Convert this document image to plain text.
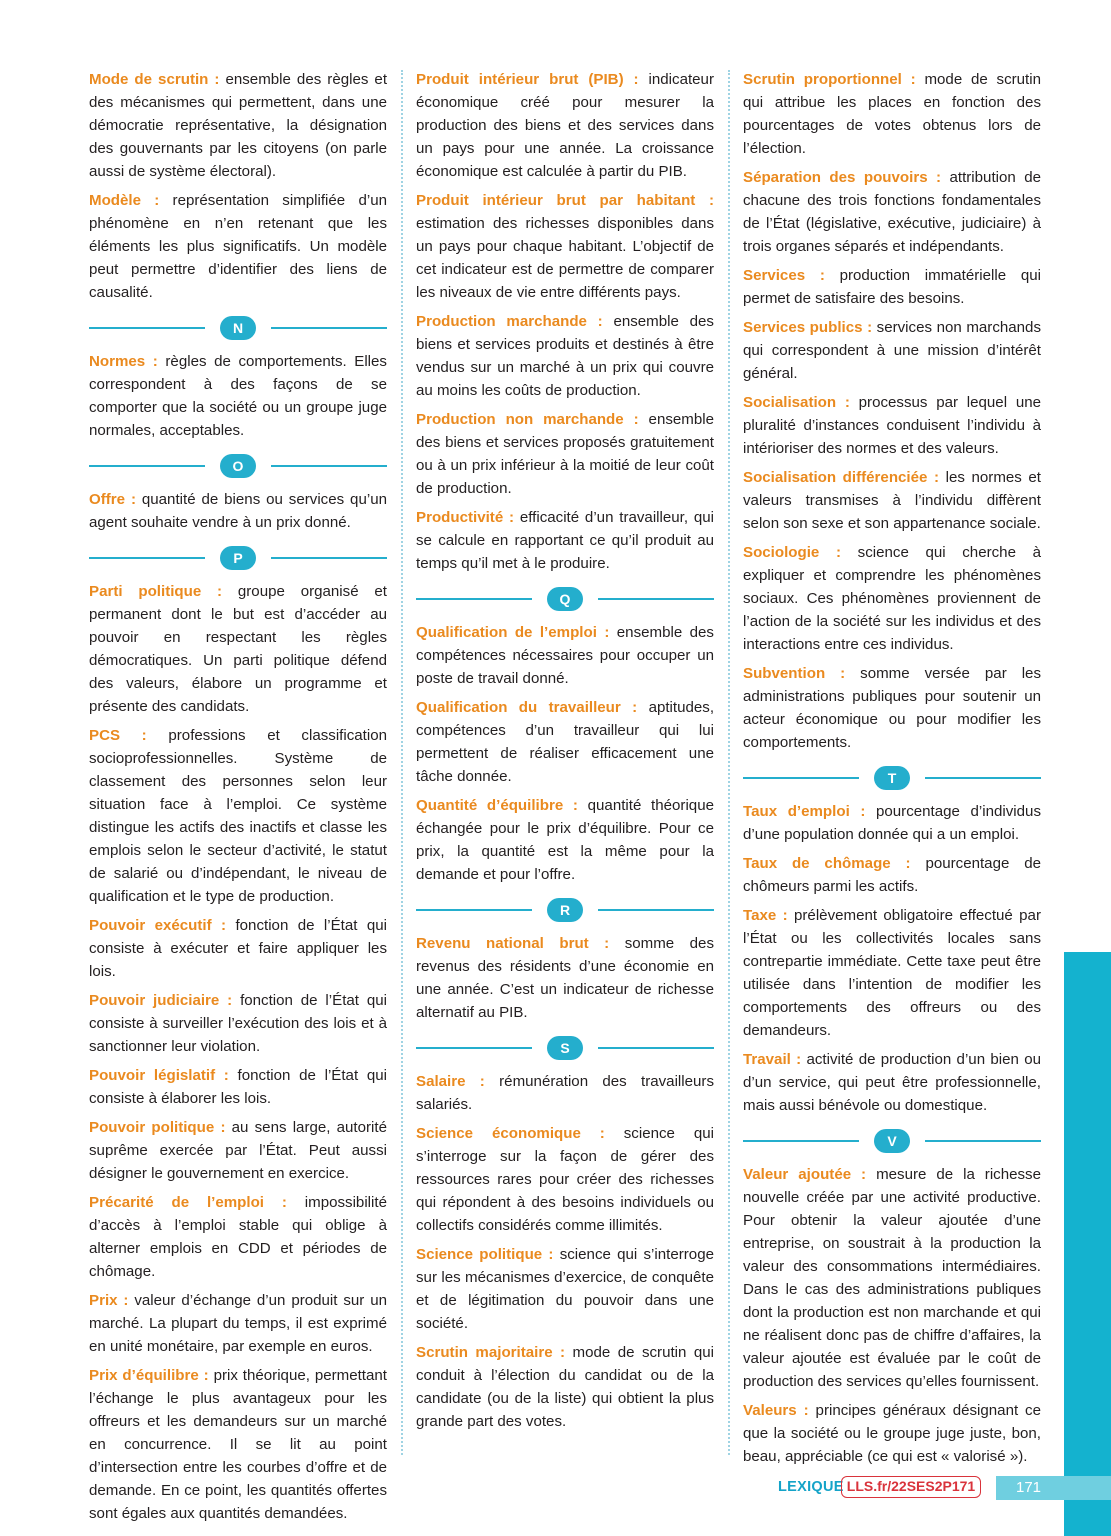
Mode de scrutin : ensemble des règles et des mécanismes qui permettent, dans une démocratie représentative, la désignation des gouvernants par les citoyens (on parle aussi de système électoral).

Modèle : représentation simplifiée d’un phénomène en n’en retenant que les éléments les plus significatifs. Un modèle peut permettre d’identifier des liens de causalité.

N

Normes : règles de comportements. Elles correspondent à des façons de se comporter que la société ou un groupe juge normales, acceptables.

O

Offre : quantité de biens ou services qu’un agent souhaite vendre à un prix donné.

P

Parti politique : groupe organisé et permanent dont le but est d’accéder au pouvoir en respectant les règles démocratiques. Un parti politique défend des valeurs, élabore un programme et présente des candidats.

PCS : professions et classification socioprofessionnelles. Système de classement des personnes selon leur situation face à l’emploi. Ce système distingue les actifs des inactifs et classe les emplois selon le secteur d’activité, le statut de salarié ou d’indépendant, le niveau de qualification et le type de production.

Pouvoir exécutif : fonction de l’État qui consiste à exécuter et faire appliquer les lois.

Pouvoir judiciaire : fonction de l’État qui consiste à surveiller l’exécution des lois et à sanctionner leur violation.

Pouvoir législatif : fonction de l’État qui consiste à élaborer les lois.

Pouvoir politique : au sens large, autorité suprême exercée par l’État. Peut aussi désigner le gouvernement en exercice.

Précarité de l’emploi : impossibilité d’accès à l’emploi stable qui oblige à alterner emplois en CDD et périodes de chômage.

Prix : valeur d’échange d’un produit sur un marché. La plupart du temps, il est exprimé en unité monétaire, par exemple en euros.

Prix d’équilibre : prix théorique, permettant l’échange le plus avantageux pour les offreurs et les demandeurs sur un marché en concurrence. Il se lit au point d’intersection entre les courbes d’offre et de demande. En ce point, les quantités offertes sont égales aux quantités demandées.

Produit intérieur brut (PIB) : indicateur économique créé pour mesurer la production des biens et des services dans un pays pour une année. La croissance économique est calculée à partir du PIB.

Produit intérieur brut par habitant : estimation des richesses disponibles dans un pays pour chaque habitant. L’objectif de cet indicateur est de permettre de comparer les niveaux de vie entre différents pays.

Production marchande : ensemble des biens et services produits et destinés à être vendus sur un marché à un prix qui couvre au moins les coûts de production.

Production non marchande : ensemble des biens et services proposés gratuitement ou à un prix inférieur à la moitié de leur coût de production.

Productivité : efficacité d’un travailleur, qui se calcule en rapportant ce qu’il produit au temps qu’il met à le produire.

Q

Qualification de l’emploi : ensemble des compétences nécessaires pour occuper un poste de travail donné.

Qualification du travailleur : aptitudes, compétences d’un travailleur qui lui permettent de réaliser efficacement une tâche donnée.

Quantité d’équilibre : quantité théorique échangée pour le prix d’équilibre. Pour ce prix, la quantité est la même pour la demande et pour l’offre.

R

Revenu national brut : somme des revenus des résidents d’une économie en une année. C’est un indicateur de richesse alternatif au PIB.

S

Salaire : rémunération des travailleurs salariés.

Science économique : science qui s’interroge sur la façon de gérer des ressources rares pour créer des richesses qui répondent à des besoins individuels ou collectifs considérés comme illimités.

Science politique : science qui s’interroge sur les mécanismes d’exercice, de conquête et de légitimation du pouvoir dans une société.

Scrutin majoritaire : mode de scrutin qui conduit à l’élection du candidat ou de la candidate (ou de la liste) qui obtient la plus grande part des votes.

Scrutin proportionnel : mode de scrutin qui attribue les places en fonction des pourcentages de votes obtenus lors de l’élection.

Séparation des pouvoirs : attribution de chacune des trois fonctions fondamentales de l’État (législative, exécutive, judiciaire) à trois organes séparés et indépendants.

Services : production immatérielle qui permet de satisfaire des besoins.

Services publics : services non marchands qui correspondent à une mission d’intérêt général.

Socialisation : processus par lequel une pluralité d’instances conduisent l’individu à intérioriser des normes et des valeurs.

Socialisation différenciée : les normes et valeurs transmises à l’individu diffèrent selon son sexe et son appartenance sociale.

Sociologie : science qui cherche à expliquer et comprendre les phénomènes sociaux. Ces phénomènes proviennent de l’action de la société sur les individus et des interactions entre ces individus.

Subvention : somme versée par les administrations publiques pour soutenir un acteur économique ou pour modifier les comportements.

T

Taux d’emploi : pourcentage d’individus d’une population donnée qui a un emploi.

Taux de chômage : pourcentage de chômeurs parmi les actifs.

Taxe : prélèvement obligatoire effectué par l’État ou les collectivités locales sans contrepartie immédiate. Cette taxe peut être utilisée dans l’intention de modifier les comportements des offreurs ou des demandeurs.

Travail : activité de production d’un bien ou d’un service, qui peut être professionnelle, mais aussi bénévole ou domestique.

V

Valeur ajoutée : mesure de la richesse nouvelle créée par une activité productive. Pour obtenir la valeur ajoutée d’une entreprise, on soustrait à la production la valeur des consommations intermédiaires. Dans le cas des administrations publiques dont la production est non marchande et qui ne réalisent donc pas de chiffre d’affaires, la valeur ajoutée est évaluée par le coût de production des services qu’elles fournissent.

Valeurs : principes généraux désignant ce que la société ou le groupe juge juste, bon, beau, appréciable (ce qui est « valorisé »).

LEXIQUE LLS.fr/22SES2P171	171
